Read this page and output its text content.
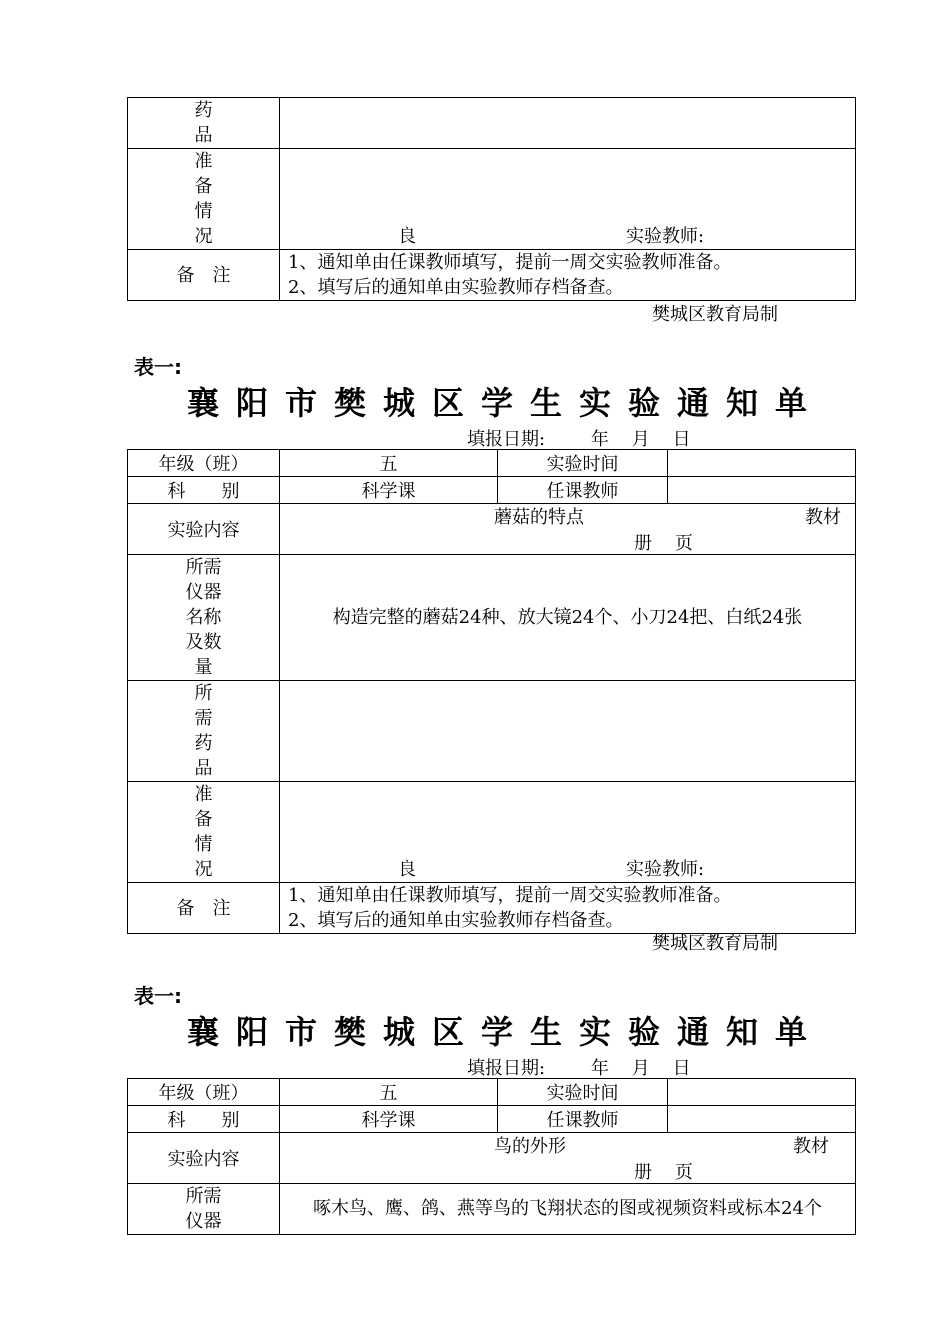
药品	

准备情况	良 实验教师:

备　注	1、通知单由任课教师填写，提前一周交实验教师准备。
2、填写后的通知单由实验教师存档备查。
樊城区教育局制
表一:
襄阳市樊城区学生实验通知单
填报日期:        年    月    日
年级（班）	五	实验时间	
科　　别	科学课	任课教师	
实验内容	蘑菇的特点 教材
册    页		

所需仪器名称及数量	构造完整的蘑菇24种、放大镜24个、小刀24把、白纸24张		

所需药品			

准备情况	良 实验教师:		

备　注	1、通知单由任课教师填写，提前一周交实验教师准备。
2、填写后的通知单由实验教师存档备查。		
樊城区教育局制
表一:
襄阳市樊城区学生实验通知单
填报日期:        年    月    日
年级（班）	五	实验时间	
科　　别	科学课	任课教师	
实验内容	鸟的外形 教材
册    页		

所需仪器	啄木鸟、鹰、鸽、燕等鸟的飞翔状态的图或视频资料或标本24个		
